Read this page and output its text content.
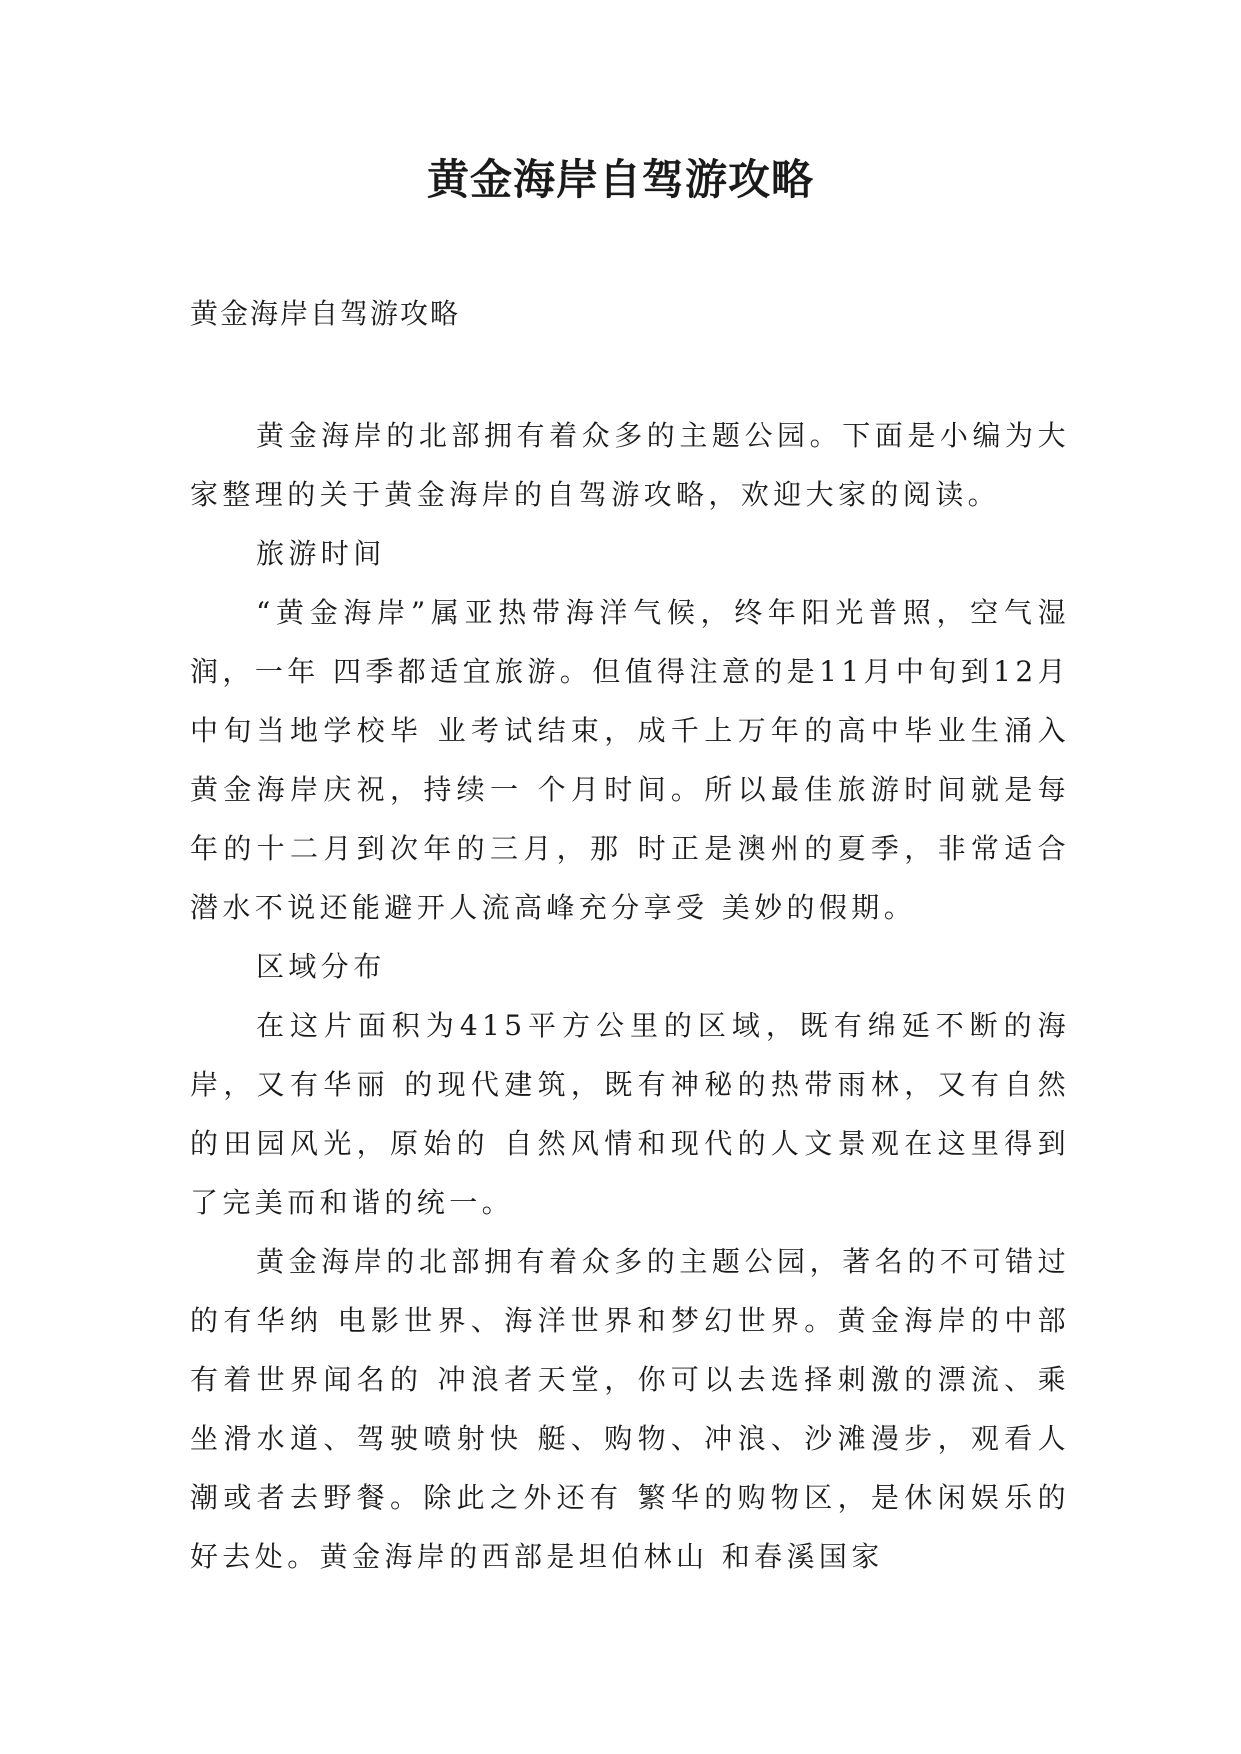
黄金海岸自驾游攻略

黄金海岸自驾游攻略

黄金海岸的北部拥有着众多的主题公园。下面是小编为大家整理的关于黄金海岸的自驾游攻略，欢迎大家的阅读。

旅游时间

“黄金海岸”属亚热带海洋气候，终年阳光普照，空气湿润，一年 四季都适宜旅游。但值得注意的是11月中旬到12月中旬当地学校毕 业考试结束，成千上万年的高中毕业生涌入黄金海岸庆祝，持续一 个月时间。所以最佳旅游时间就是每年的十二月到次年的三月，那 时正是澳州的夏季，非常适合潜水不说还能避开人流高峰充分享受 美妙的假期。

区域分布

在这片面积为415平方公里的区域，既有绵延不断的海岸，又有华丽 的现代建筑，既有神秘的热带雨林，又有自然的田园风光，原始的 自然风情和现代的人文景观在这里得到了完美而和谐的统一。

黄金海岸的北部拥有着众多的主题公园，著名的不可错过的有华纳 电影世界、海洋世界和梦幻世界。黄金海岸的中部有着世界闻名的 冲浪者天堂，你可以去选择刺激的漂流、乘坐滑水道、驾驶喷射快 艇、购物、冲浪、沙滩漫步，观看人潮或者去野餐。除此之外还有 繁华的购物区，是休闲娱乐的好去处。黄金海岸的西部是坦伯林山 和春溪国家
